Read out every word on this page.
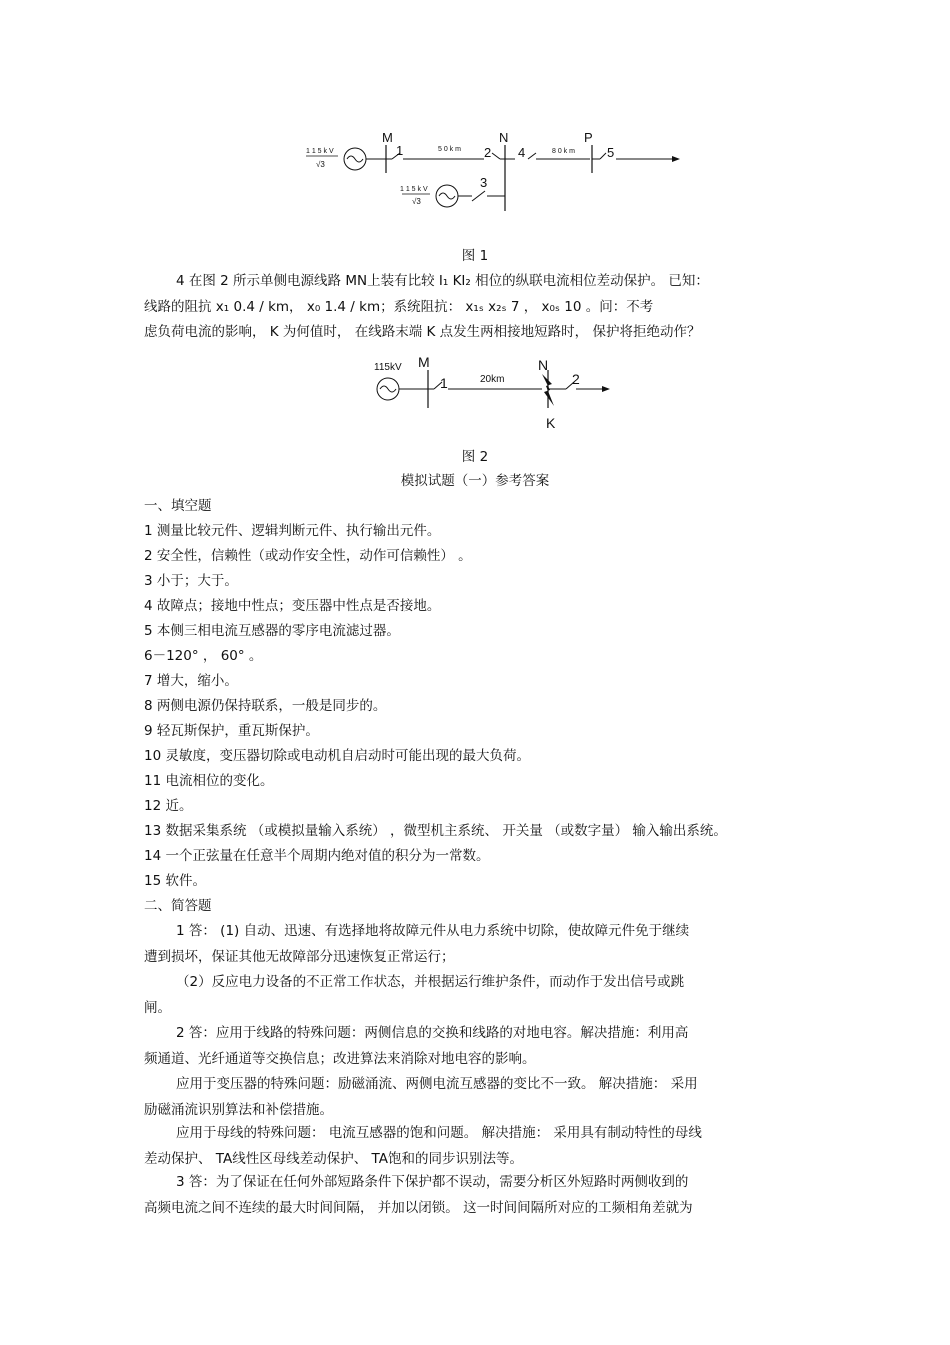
1 1 5 k V
√3
M
1	5 0 k m 2
N
4	8 0 k m
P
5
1 1 5 k V
√3
3
图 1
4 在图 2 所示单侧电源线路 MN上装有比较 I₁ KI₂ 相位的纵联电流相位差动保护。 已知：
线路的阻抗 x₁ 0.4 / km， x₀ 1.4 / km；系统阻抗： x₁ₛ x₂ₛ 7 ， x₀ₛ 10 。问：不考
虑负荷电流的影响， K 为何值时， 在线路末端 K 点发生两相接地短路时， 保护将拒绝动作？
115kV M
1	20km
N
2
K
图 2
模拟试题（一）参考答案
一、填空题
1 测量比较元件、逻辑判断元件、执行输出元件。
2 安全性，信赖性（或动作安全性，动作可信赖性） 。
3 小于；大于。
4 故障点；接地中性点；变压器中性点是否接地。
5 本侧三相电流互感器的零序电流滤过器。
6－120° ， 60° 。
7 增大，缩小。
8 两侧电源仍保持联系，一般是同步的。
9 轻瓦斯保护，重瓦斯保护。
10 灵敏度，变压器切除或电动机自启动时可能出现的最大负荷。
11 电流相位的变化。
12 近。
13 数据采集系统 （或模拟量输入系统） ，微型机主系统、 开关量 （或数字量） 输入输出系统。
14 一个正弦量在任意半个周期内绝对值的积分为一常数。
15 软件。
二、简答题
1 答： (1) 自动、迅速、有选择地将故障元件从电力系统中切除，使故障元件免于继续
遭到损坏，保证其他无故障部分迅速恢复正常运行；
（2）反应电力设备的不正常工作状态，并根据运行维护条件，而动作于发出信号或跳
闸。
2 答：应用于线路的特殊问题：两侧信息的交换和线路的对地电容。解决措施：利用高
频通道、光纤通道等交换信息；改进算法来消除对地电容的影响。
应用于变压器的特殊问题：励磁涌流、两侧电流互感器的变比不一致。 解决措施： 采用
励磁涌流识别算法和补偿措施。
应用于母线的特殊问题： 电流互感器的饱和问题。 解决措施： 采用具有制动特性的母线
差动保护、 TA线性区母线差动保护、 TA饱和的同步识别法等。
3 答：为了保证在任何外部短路条件下保护都不误动，需要分析区外短路时两侧收到的
高频电流之间不连续的最大时间间隔， 并加以闭锁。 这一时间间隔所对应的工频相角差就为
